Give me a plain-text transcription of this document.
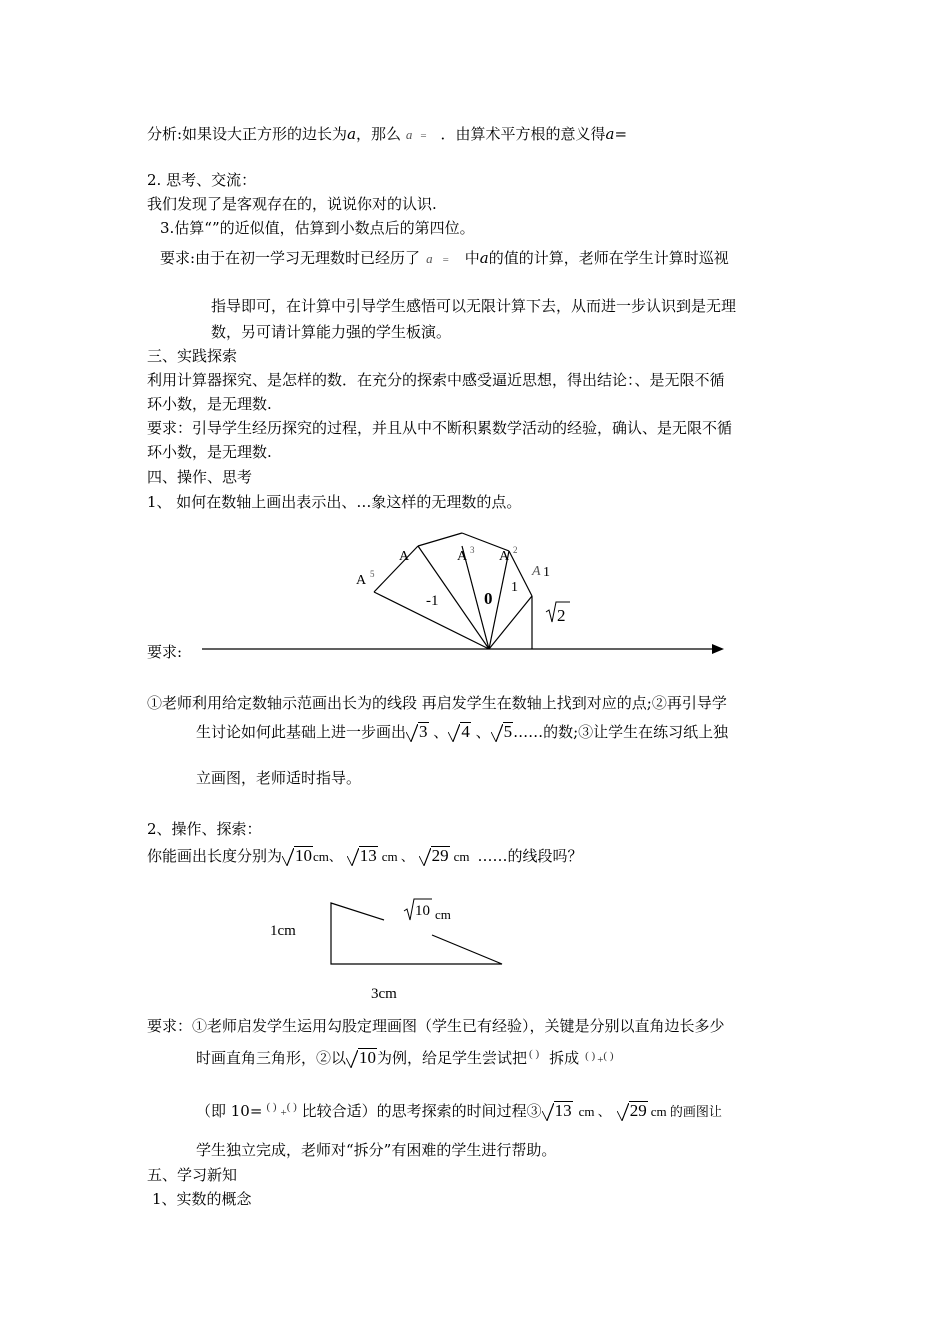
分析:如果设大正方形的边长为a，那么 a = ．由算术平方根的意义得a=
2. 思考、交流：
我们发现了是客观存在的，说说你对的认识.
3.估算“”的近似值，估算到小数点后的第四位。
要求:由于在初一学习无理数时已经历了 a = 中a的值的计算，老师在学生计算时巡视
指导即可，在计算中引导学生感悟可以无限计算下去，从而进一步认识到是无理
数，另可请计算能力强的学生板演。
三、实践探索
利用计算器探究、是怎样的数．在充分的探索中感受逼近思想，得出结论：、是无限不循
环小数，是无理数.
要求：引导学生经历探究的过程，并且从中不断积累数学活动的经验，确认、是无限不循
环小数，是无理数.
四、操作、思考
1、 如何在数轴上画出表示出、…象这样的无理数的点。
要求:
A 5
A	A 3 A 2
A 1
-1	0
1
2
①老师利用给定数轴示范画出长为的线段 再启发学生在数轴上找到对应的点;②再引导学
生讨论如何此基础上进一步画出 3 、 4 、 5……的数;③让学生在练习纸上独
立画图，老师适时指导。
2、操作、探索：
你能画出长度分别为 10cm、 13 cm 、 29 cm ……的线段吗？
10 cm
1cm
3cm
要求：①老师启发学生运用勾股定理画图（学生已有经验），关键是分别以直角边长多少
时画直角三角形，②以 10为例，给足学生尝试把 ( ) 拆成 ( ) +( )
（即 10= ( ) +( ) 比较合适）的思考探索的时间过程③ 13 cm 、 29 cm 的画图让
学生独立完成，老师对“拆分”有困难的学生进行帮助。
五、学习新知
1、实数的概念
